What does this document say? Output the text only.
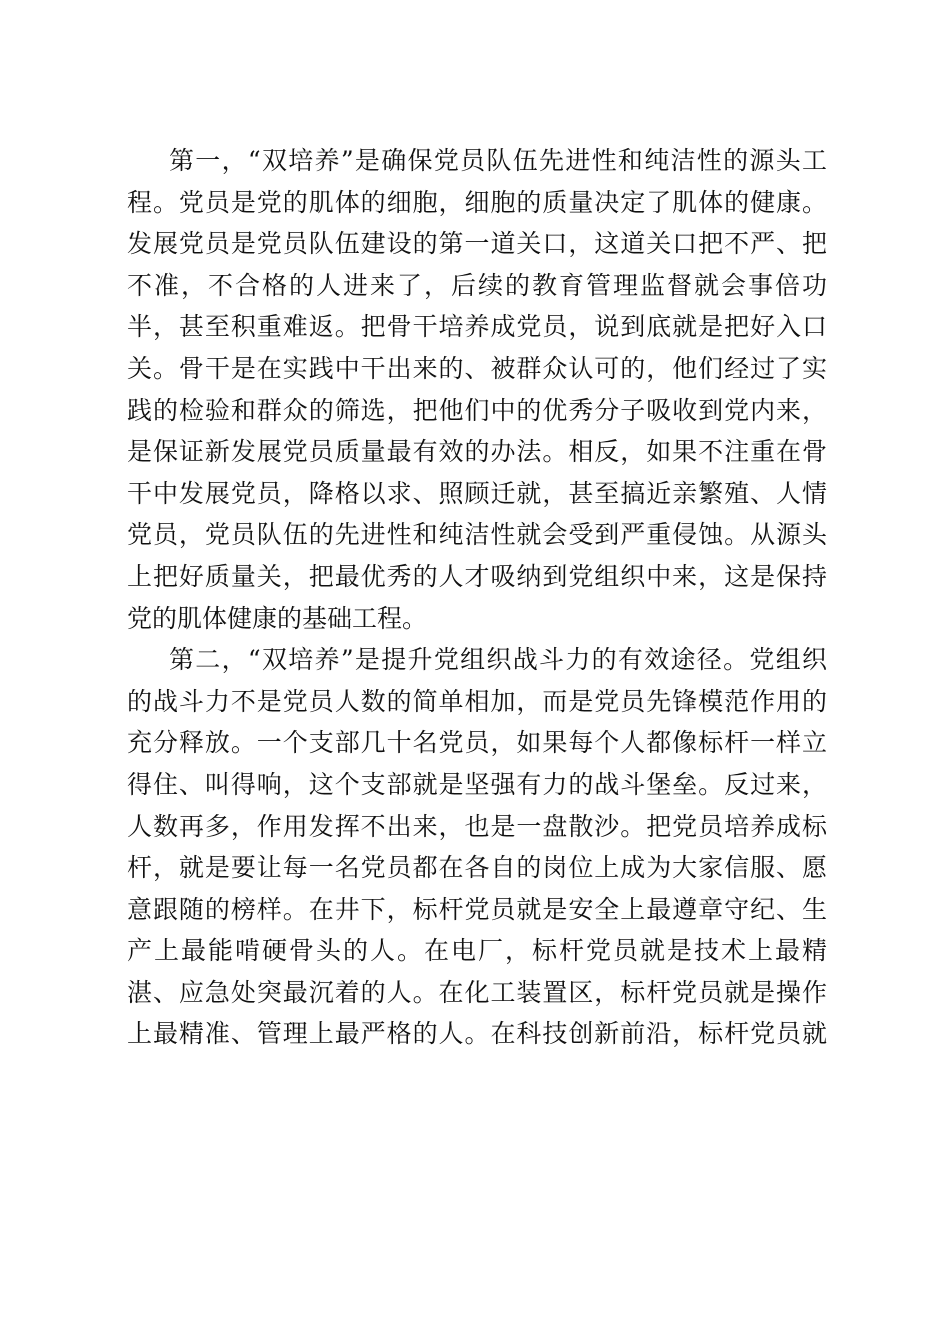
第一，“双培养”是确保党员队伍先进性和纯洁性的源头工
程。党员是党的肌体的细胞，细胞的质量决定了肌体的健康。
发展党员是党员队伍建设的第一道关口，这道关口把不严、把
不准，不合格的人进来了，后续的教育管理监督就会事倍功
半，甚至积重难返。把骨干培养成党员，说到底就是把好入口
关。骨干是在实践中干出来的、被群众认可的，他们经过了实
践的检验和群众的筛选，把他们中的优秀分子吸收到党内来，
是保证新发展党员质量最有效的办法。相反，如果不注重在骨
干中发展党员，降格以求、照顾迁就，甚至搞近亲繁殖、人情
党员，党员队伍的先进性和纯洁性就会受到严重侵蚀。从源头
上把好质量关，把最优秀的人才吸纳到党组织中来，这是保持
党的肌体健康的基础工程。
第二，“双培养”是提升党组织战斗力的有效途径。党组织
的战斗力不是党员人数的简单相加，而是党员先锋模范作用的
充分释放。一个支部几十名党员，如果每个人都像标杆一样立
得住、叫得响，这个支部就是坚强有力的战斗堡垒。反过来，
人数再多，作用发挥不出来，也是一盘散沙。把党员培养成标
杆，就是要让每一名党员都在各自的岗位上成为大家信服、愿
意跟随的榜样。在井下，标杆党员就是安全上最遵章守纪、生
产上最能啃硬骨头的人。在电厂，标杆党员就是技术上最精
湛、应急处突最沉着的人。在化工装置区，标杆党员就是操作
上最精准、管理上最严格的人。在科技创新前沿，标杆党员就
